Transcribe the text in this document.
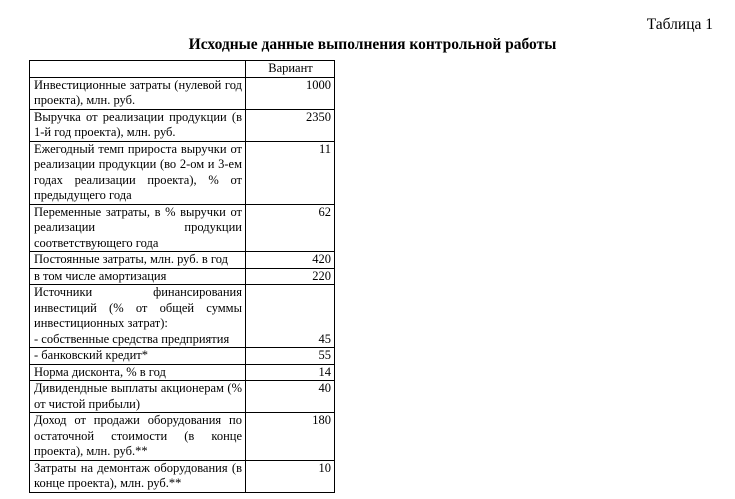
Таблица 1
Исходные данные выполнения контрольной работы
	Вариант
Инвестиционные затраты (нулевой год проекта), млн. руб.	1000
Выручка от реализации продукции (в 1-й год проекта), млн. руб.	2350
Ежегодный темп прироста выручки от реализации продукции (во 2-ом и 3-ем годах реализации проекта), % от предыдущего года	11
Переменные затраты, в % выручки от реализации продукции соответствующего года	62
Постоянные затраты, млн. руб. в год	420
в том числе амортизация	220

Источники финансирования инвестиций (% от общей суммы инвестиционных затрат):
- собственные средства предприятия	45
- банковский кредит*	55
Норма дисконта, % в год	14
Дивидендные выплаты акционерам (% от чистой прибыли)	40
Доход от продажи оборудования по остаточной стоимости (в конце проекта), млн. руб.**	180
Затраты на демонтаж оборудования (в конце проекта), млн. руб.**	10
